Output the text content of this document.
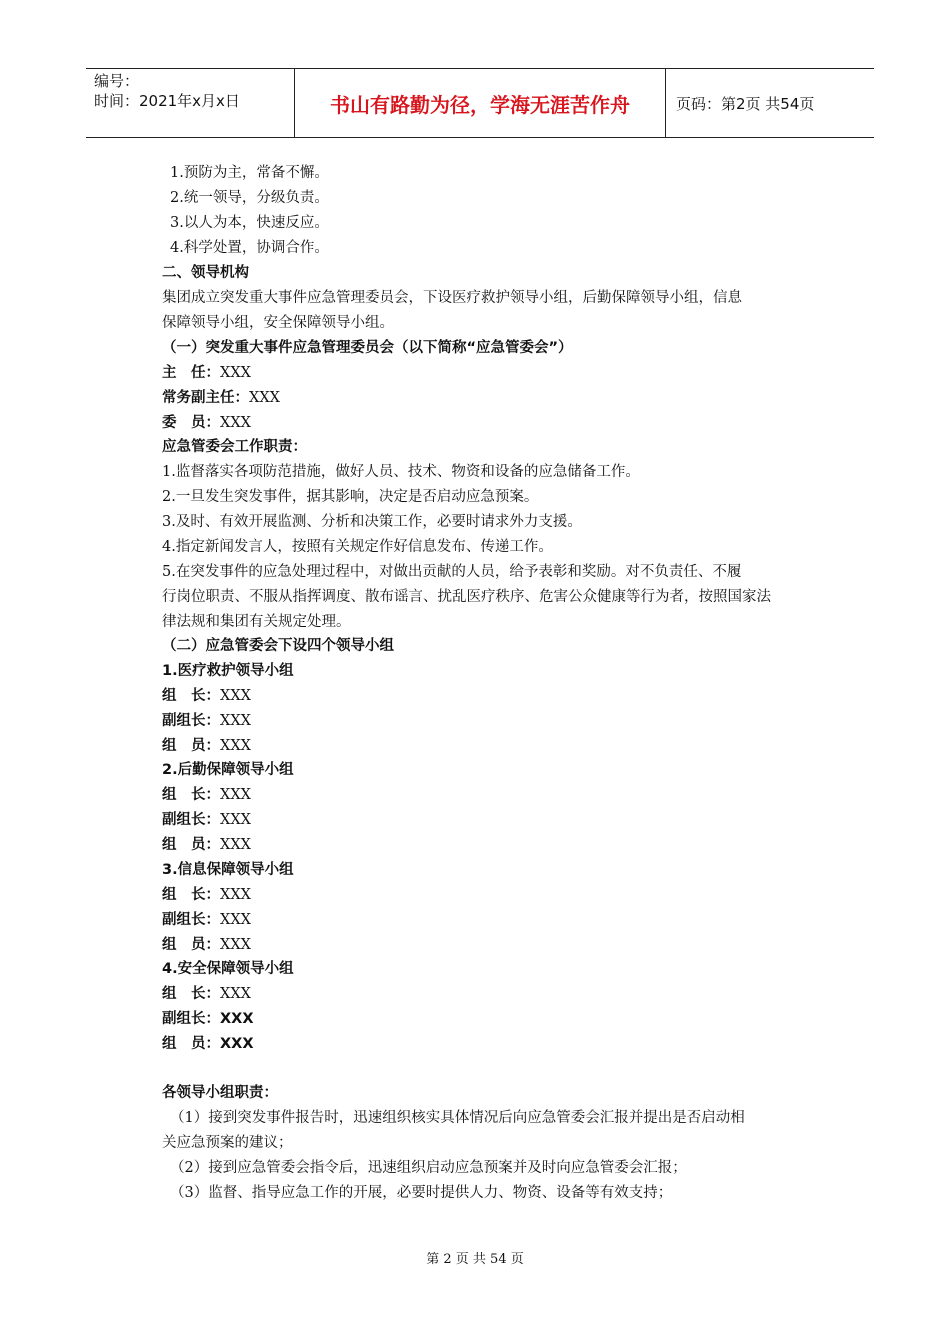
编号：
时间：2021年x月x日	书山有路勤为径，学海无涯苦作舟	页码：第2页 共54页
1.预防为主，常备不懈。
2.统一领导，分级负责。
3.以人为本，快速反应。
4.科学处置，协调合作。
二、领导机构
集团成立突发重大事件应急管理委员会，下设医疗救护领导小组，后勤保障领导小组，信息
保障领导小组，安全保障领导小组。
（一）突发重大事件应急管理委员会（以下简称“应急管委会”）
主　任：XXX
常务副主任：XXX
委　员：XXX
应急管委会工作职责：
1.监督落实各项防范措施，做好人员、技术、物资和设备的应急储备工作。
2.一旦发生突发事件，据其影响，决定是否启动应急预案。
3.及时、有效开展监测、分析和决策工作，必要时请求外力支援。
4.指定新闻发言人，按照有关规定作好信息发布、传递工作。
5.在突发事件的应急处理过程中，对做出贡献的人员，给予表彰和奖励。对不负责任、不履
行岗位职责、不服从指挥调度、散布谣言、扰乱医疗秩序、危害公众健康等行为者，按照国家法
律法规和集团有关规定处理。
（二）应急管委会下设四个领导小组
1.医疗救护领导小组
组　长：XXX
副组长：XXX
组　员：XXX
2.后勤保障领导小组
组　长：XXX
副组长：XXX
组　员：XXX
3.信息保障领导小组
组　长：XXX
副组长：XXX
组　员：XXX
4.安全保障领导小组
组　长：XXX
副组长：XXX
组　员：XXX
各领导小组职责：
（1）接到突发事件报告时，迅速组织核实具体情况后向应急管委会汇报并提出是否启动相
关应急预案的建议；
（2）接到应急管委会指令后，迅速组织启动应急预案并及时向应急管委会汇报；
（3）监督、指导应急工作的开展，必要时提供人力、物资、设备等有效支持；
第 2 页 共 54 页
